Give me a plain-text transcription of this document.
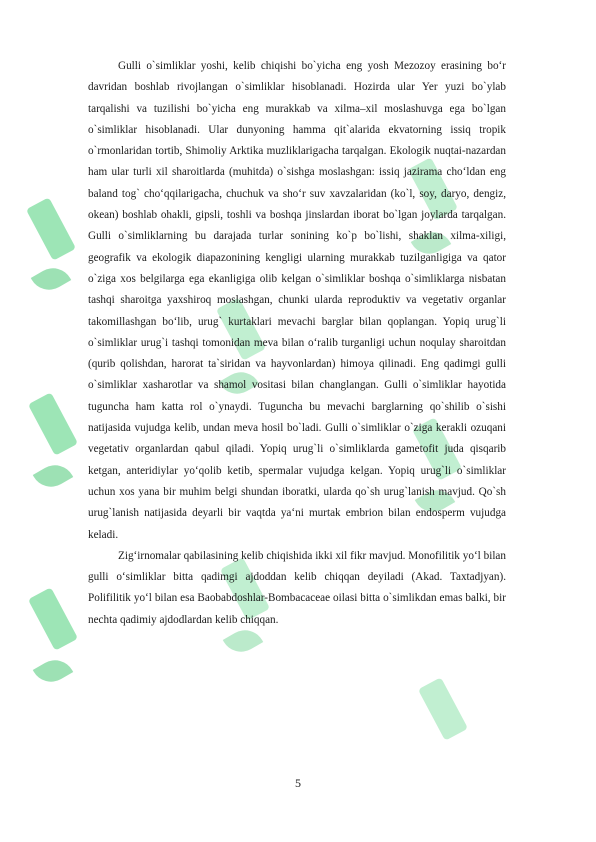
Gulli o`simliklar yoshi, kelib chiqishi bo`yicha eng yosh Mezozoy erasining bo‘r davridan boshlab rivojlangan o`simliklar hisoblanadi. Hozirda ular Yer yuzi bo`ylab tarqalishi va tuzilishi bo`yicha eng murakkab va xilma–xil moslashuvga ega bo`lgan o`simliklar hisoblanadi. Ular dunyoning hamma qit`alarida ekvatorning issiq tropik o`rmonlaridan tortib, Shimoliy Arktika muzliklarigacha tarqalgan. Ekologik nuqtai-nazardan ham ular turli xil sharoitlarda (muhitda) o`sishga moslashgan: issiq jazirama cho‘ldan eng baland tog` cho‘qqilarigacha, chuchuk va sho‘r suv xavzalaridan (ko`l, soy, daryo, dengiz, okean) boshlab ohakli, gipsli, toshli va boshqa jinslardan iborat bo`lgan joylarda tarqalgan. Gulli o`simliklarning bu darajada turlar sonining ko`p bo`lishi, shaklan xilma-xiligi, geografik va ekologik diapazonining kengligi ularning murakkab tuzilganligiga va qator o`ziga xos belgilarga ega ekanligiga olib kelgan o`simliklar boshqa o`simliklarga nisbatan tashqi sharoitga yaxshiroq moslashgan, chunki ularda reproduktiv va vegetativ organlar takomillashgan bo‘lib, urug` kurtaklari mevachi barglar bilan qoplangan. Yopiq urug`li o`simliklar urug`i tashqi tomonidan meva bilan o‘ralib turganligi uchun noqulay sharoitdan (qurib qolishdan, harorat ta`siridan va hayvonlardan) himoya qilinadi. Eng qadimgi gulli o`simliklar xasharotlar va shamol vositasi bilan changlangan. Gulli o`simliklar hayotida tuguncha ham katta rol o`ynaydi. Tuguncha bu mevachi barglarning qo`shilib o`sishi natijasida vujudga kelib, undan meva hosil bo`ladi. Gulli o`simliklar o`ziga kerakli ozuqani vegetativ organlardan qabul qiladi. Yopiq urug`li o`simliklarda gametofit juda qisqarib ketgan, anteridiylar yo‘qolib ketib, spermalar vujudga kelgan. Yopiq urug`li o`simliklar uchun xos yana bir muhim belgi shundan iboratki, ularda qo`sh urug`lanish mavjud. Qo`sh urug`lanish natijasida deyarli bir vaqtda ya‘ni murtak embrion bilan endosperm vujudga keladi.

Zig‘irnomalar qabilasining kelib chiqishida ikki xil fikr mavjud. Monofilitik yo‘l bilan gulli o‘simliklar bitta qadimgi ajdoddan kelib chiqqan deyiladi (Akad. Taxtadjyan). Polifilitik yo‘l bilan esa Baobabdoshlar-Bombacaceae oilasi bitta o`simlikdan emas balki, bir nechta qadimiy ajdodlardan kelib chiqqan.

5
